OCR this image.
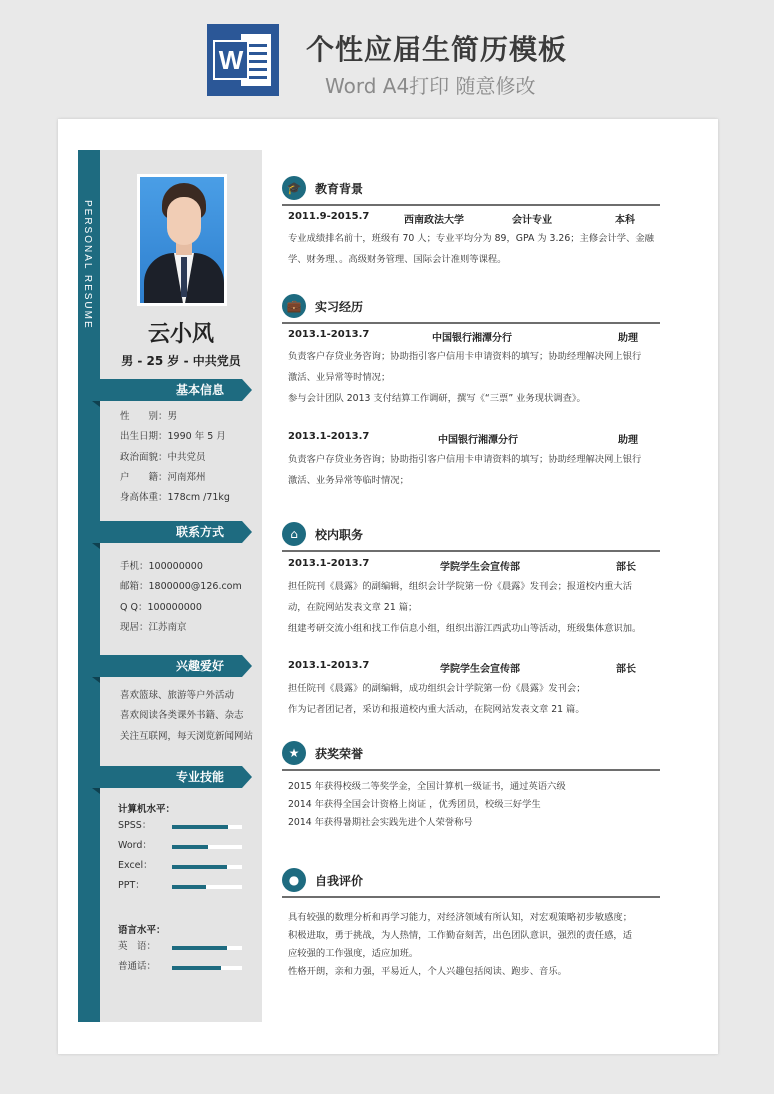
W 个性应届生简历模板
Word A4打印 随意修改
PERSONAL RESUME
云小风
男 - 25 岁 - 中共党员
基本信息
性　　别：男
出生日期：1990 年 5 月
政治面貌：中共党员
户　　籍：河南郑州
身高体重：178cm /71kg
联系方式
手机：100000000
邮箱：1800000@126.com
Q Q：100000000
现居：江苏南京
兴趣爱好
喜欢篮球、旅游等户外活动
喜欢阅读各类课外书籍、杂志
关注互联网，每天浏览新闻网站
专业技能
计算机水平：
语言水平：
🎓	教育背景
2011.9-2015.7	西南政法大学	会计专业	本科
专业成绩排名前十，班级有 70 人；专业平均分为 89，GPA 为 3.26；主修会计学、金融
学、财务理、。高级财务管理、国际会计准则等课程。
💼	实习经历
2013.1-2013.7	中国银行湘潭分行	助理
负责客户存贷业务咨询；协助指引客户信用卡申请资料的填写；协助经理解决网上银行
激活、业异常等时情况；
参与会计团队 2013 支付结算工作调研，撰写《“三票” 业务现状调查》。
2013.1-2013.7	中国银行湘潭分行	助理
负责客户存贷业务咨询；协助指引客户信用卡申请资料的填写；协助经理解决网上银行
激活、业务异常等临时情况；
⌂	校内职务
2013.1-2013.7	学院学生会宣传部	部长
担任院刊《晨露》的副编辑，组织会计学院第一份《晨露》发刊会；报道校内重大活
动，在院网站发表文章 21 篇；
组建考研交流小组和找工作信息小组，组织出游江西武功山等活动，班级集体意识加。
2013.1-2013.7	学院学生会宣传部	部长
担任院刊《晨露》的副编辑，成功组织会计学院第一份《晨露》发刊会；
作为记者团记者，采访和报道校内重大活动，在院网站发表文章 21 篇。
★	获奖荣誉
2015 年获得校级二等奖学金，全国计算机一级证书，通过英语六级
2014 年获得全国会计资格上岗证 ，优秀团员，校级三好学生
2014 年获得暑期社会实践先进个人荣誉称号
●	自我评价
具有较强的数理分析和再学习能力，对经济领域有所认知，对宏观策略初步敏感度；
积极进取，勇于挑战，为人热情，工作勤奋刻苦，出色团队意识，强烈的责任感，适
应较强的工作强度，适应加班。
性格开朗，亲和力强，平易近人，个人兴趣包括阅读、跑步、音乐。
SPSS：
Word：
Excel：
PPT：
英　语：
普通话：
